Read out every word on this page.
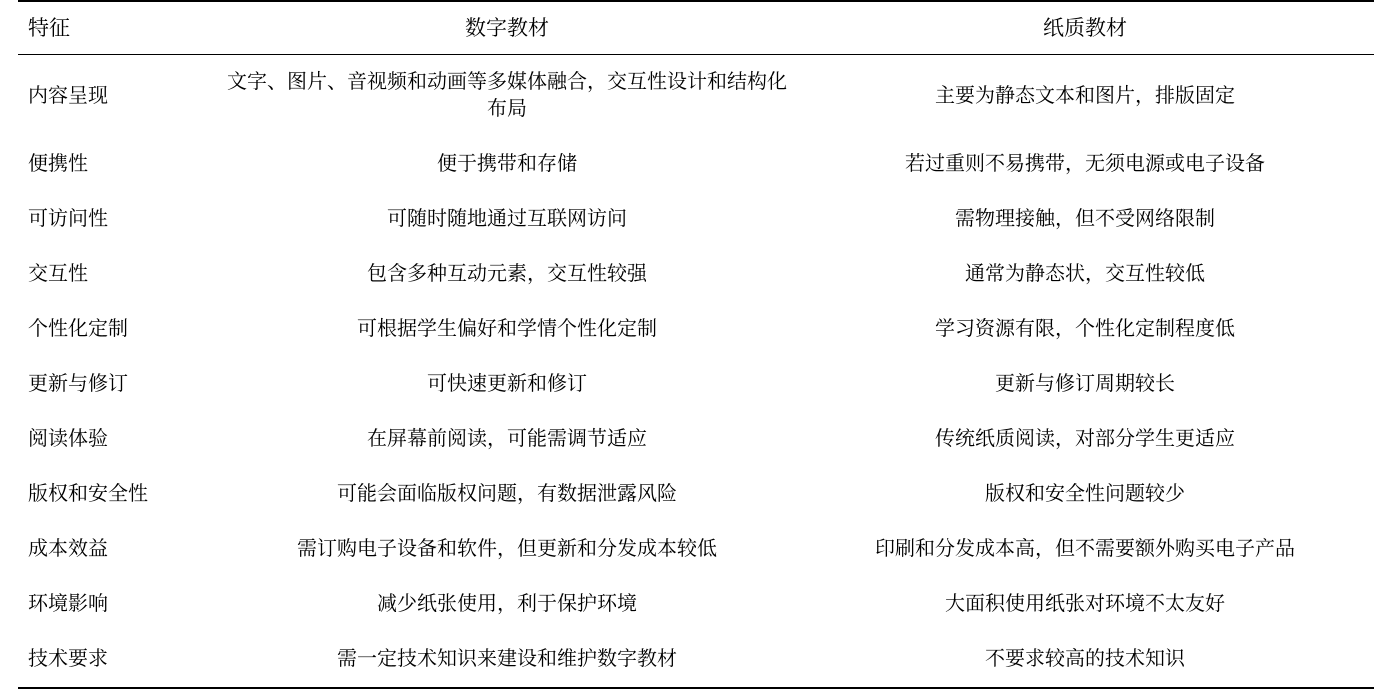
特征	数字教材	纸质教材
内容呈现	文字、图片、音视频和动画等多媒体融合，交互性设计和结构化布局	主要为静态文本和图片，排版固定
便携性	便于携带和存储	若过重则不易携带，无须电源或电子设备
可访问性	可随时随地通过互联网访问	需物理接触，但不受网络限制
交互性	包含多种互动元素，交互性较强	通常为静态状，交互性较低
个性化定制	可根据学生偏好和学情个性化定制	学习资源有限，个性化定制程度低
更新与修订	可快速更新和修订	更新与修订周期较长
阅读体验	在屏幕前阅读，可能需调节适应	传统纸质阅读，对部分学生更适应
版权和安全性	可能会面临版权问题，有数据泄露风险	版权和安全性问题较少
成本效益	需订购电子设备和软件，但更新和分发成本较低	印刷和分发成本高，但不需要额外购买电子产品
环境影响	减少纸张使用，利于保护环境	大面积使用纸张对环境不太友好
技术要求	需一定技术知识来建设和维护数字教材	不要求较高的技术知识
